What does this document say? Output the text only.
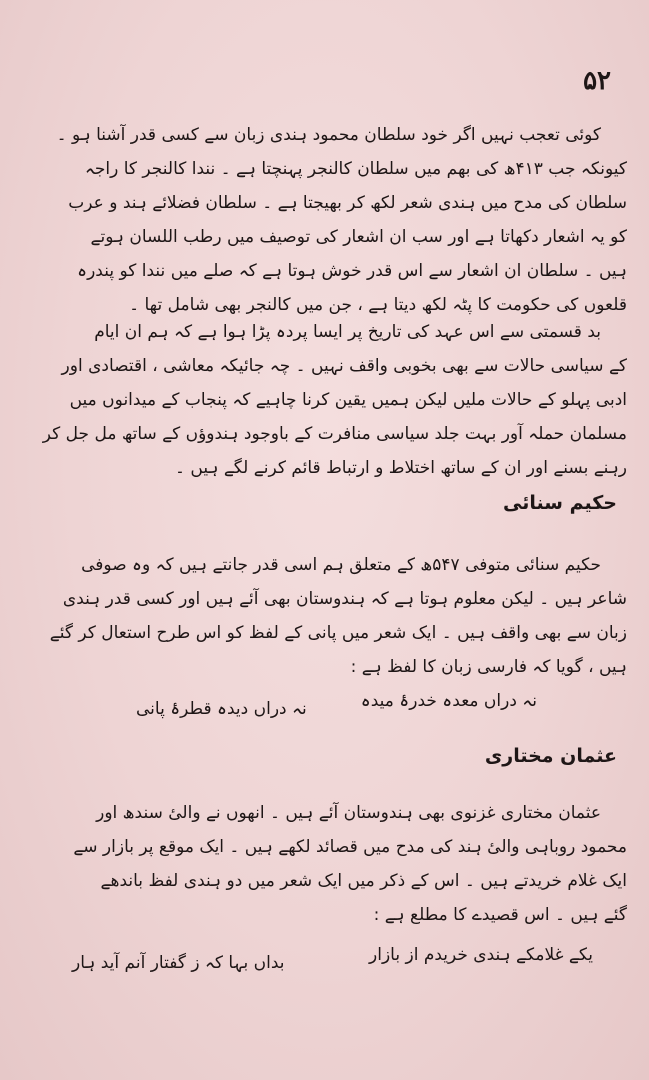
۵۲

کوئی تعجب نہیں اگر خود سلطان محمود ہندی زبان سے کسی قدر آشنا ہو ۔

کیونکہ جب ۴۱۳ھ کی بھم میں سلطان کالنجر پہنچتا ہے ۔ نندا کالنجر کا راجہ

سلطان کی مدح میں ہندی شعر لکھ کر بھیجتا ہے ۔ سلطان فضلائے ہند و عرب

کو یہ اشعار دکھاتا ہے اور سب ان اشعار کی توصیف میں رطب اللسان ہوتے

ہیں ۔ سلطان ان اشعار سے اس قدر خوش ہوتا ہے کہ صلے میں نندا کو پندرہ

قلعوں کی حکومت کا پٹہ لکھ دیتا ہے ، جن میں کالنجر بھی شامل تھا ۔

بد قسمتی سے اس عہد کی تاریخ پر ایسا پردہ پڑا ہوا ہے کہ ہم ان ایام

کے سیاسی حالات سے بھی بخوبی واقف نہیں ۔ چہ جائیکہ معاشی ، اقتصادی اور

ادبی پہلو کے حالات ملیں لیکن ہمیں یقین کرنا چاہیے کہ پنجاب کے میدانوں میں

مسلمان حملہ آور بہت جلد سیاسی منافرت کے باوجود ہندوؤں کے ساتھ مل جل کر

رہنے بسنے اور ان کے ساتھ اختلاط و ارتباط قائم کرنے لگے ہیں ۔

حکیم سنائی

حکیم سنائی متوفی ۵۴۷ھ کے متعلق ہم اسی قدر جانتے ہیں کہ وہ صوفی

شاعر ہیں ۔ لیکن معلوم ہوتا ہے کہ ہندوستان بھی آئے ہیں اور کسی قدر ہندی

زبان سے بھی واقف ہیں ۔ ایک شعر میں پانی کے لفظ کو اس طرح استعال کر گئے

ہیں ، گویا کہ فارسی زبان کا لفظ ہے :

نہ دراں معدہ خدرۂ میدہ
نہ دراں دیدہ قطرۂ پانی
عثمان مختاری

عثمان مختاری غزنوی بھی ہندوستان آئے ہیں ۔ انھوں نے والیٔ سندھ اور

محمود روباہی والیٔ ہند کی مدح میں قصائد لکھے ہیں ۔ ایک موقع پر بازار سے

ایک غلام خریدتے ہیں ۔ اس کے ذکر میں ایک شعر میں دو ہندی لفظ باندھے

گئے ہیں ۔ اس قصیدے کا مطلع ہے :

یکے غلامکے ہندی خریدم از بازار
بداں بہا کہ ز گفتار آنم آید ہار
